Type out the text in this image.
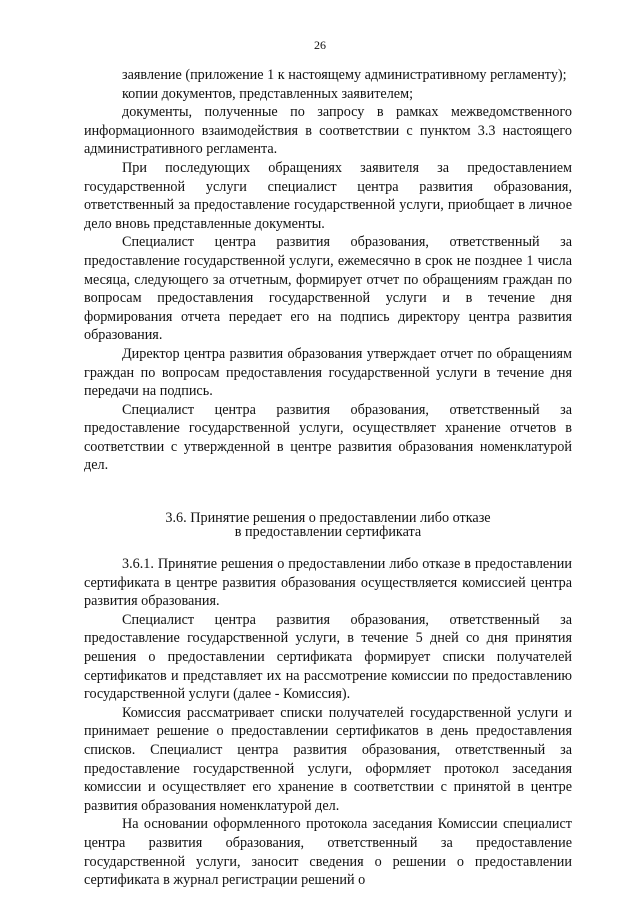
26

заявление (приложение 1 к настоящему административному регламенту);

копии документов, представленных заявителем;

документы, полученные по запросу в рамках межведомственного информационного взаимодействия в соответствии с пунктом 3.3 настоящего административного регламента.

При последующих обращениях заявителя за предоставлением государственной услуги специалист центра развития образования, ответственный за предоставление государственной услуги, приобщает в личное дело вновь представленные документы.

Специалист центра развития образования, ответственный за предоставление государственной услуги, ежемесячно в срок не позднее 1 числа месяца, следующего за отчетным, формирует отчет по обращениям граждан по вопросам предоставления государственной услуги и в течение дня формирования отчета передает его на подпись директору центра развития образования.

Директор центра развития образования утверждает отчет по обращениям граждан по вопросам предоставления государственной услуги в течение дня передачи на подпись.

Специалист центра развития образования, ответственный за предоставление государственной услуги, осуществляет хранение отчетов в соответствии с утвержденной в центре развития образования номенклатурой дел.

3.6. Принятие решения о предоставлении либо отказе
в предоставлении сертификата

3.6.1. Принятие решения о предоставлении либо отказе в предоставлении сертификата в центре развития образования осуществляется комиссией центра развития образования.

Специалист центра развития образования, ответственный за предоставление государственной услуги, в течение 5 дней со дня принятия решения о предоставлении сертификата формирует списки получателей сертификатов и представляет их на рассмотрение комиссии по предоставлению государственной услуги (далее - Комиссия).

Комиссия рассматривает списки получателей государственной услуги и принимает решение о предоставлении сертификатов в день предоставления списков. Специалист центра развития образования, ответственный за предоставление государственной услуги, оформляет протокол заседания комиссии и осуществляет его хранение в соответствии с принятой в центре развития образования номенклатурой дел.

На основании оформленного протокола заседания Комиссии специалист центра развития образования, ответственный за предоставление государственной услуги, заносит сведения о решении о предоставлении сертификата в журнал регистрации решений о
